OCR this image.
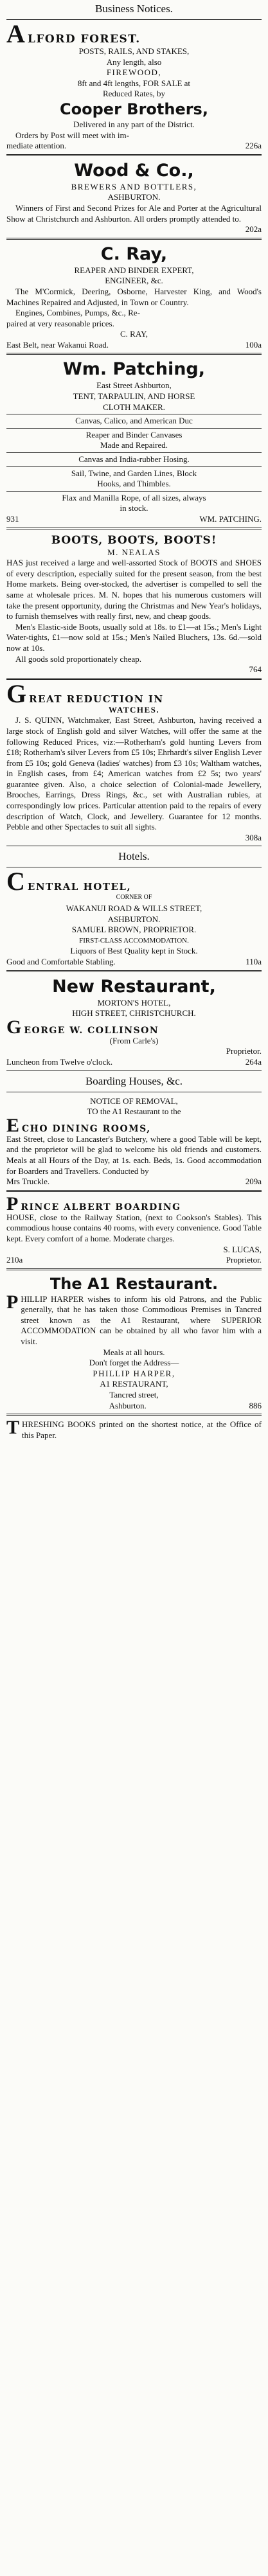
Business Notices.
A LFORD FOREST.

POSTS, RAILS, AND STAKES,

Any length, also

FIREWOOD,

8ft and 4ft lengths, FOR SALE at

Reduced Rates, by

Cooper Brothers,

Delivered in any part of the District.

Orders by Post will meet with im-

mediate attention.	226a

Wood & Co.,

BREWERS AND BOTTLERS,

ASHBURTON.

Winners of First and Second Prizes for Ale and Porter at the Agricultural Show at Christchurch and Ashburton. All orders promptly attended to.

202a

C. Ray,

REAPER AND BINDER EXPERT,

ENGINEER, &c.

The M'Cormick, Deering, Osborne, Harvester King, and Wood's Machines Repaired and Adjusted, in Town or Country.

Engines, Combines, Pumps, &c., Re-

paired at very reasonable prices.

C. RAY,

East Belt, near Wakanui Road.	100a

Wm. Patching,

East Street Ashburton,

TENT, TARPAULIN, AND HORSE

CLOTH MAKER.

Canvas, Calico, and American Duc

Reaper and Binder Canvases

Made and Repaired.

Canvas and India-rubber Hosing.

Sail, Twine, and Garden Lines, Block

Hooks, and Thimbles.

Flax and Manilla Rope, of all sizes, always

in stock.

931	WM. PATCHING.

BOOTS, BOOTS, BOOTS!

M. NEALAS

HAS just received a large and well-assorted Stock of BOOTS and SHOES of every description, especially suited for the present season, from the best Home markets. Being over-stocked, the advertiser is compelled to sell the same at wholesale prices. M. N. hopes that his numerous customers will take the present opportunity, during the Christmas and New Year's holidays, to furnish themselves with really first, new, and cheap goods.

Men's Elastic-side Boots, usually sold at 18s. to £1—at 15s.; Men's Light Water-tights, £1—now sold at 15s.; Men's Nailed Bluchers, 13s. 6d.—sold now at 10s.

All goods sold proportionately cheap.

764

G REAT REDUCTION IN

WATCHES.

J. S. QUINN, Watchmaker, East Street, Ashburton, having received a large stock of English gold and silver Watches, will offer the same at the following Reduced Prices, viz:—Rotherham's gold hunting Levers from £18; Rotherham's silver Levers from £5 10s; Ehrhardt's silver English Lever from £5 10s; gold Geneva (ladies' watches) from £3 10s; Waltham watches, in English cases, from £4; American watches from £2 5s; two years' guarantee given. Also, a choice selection of Colonial-made Jewellery, Brooches, Earrings, Dress Rings, &c., set with Australian rubies, at correspondingly low prices. Particular attention paid to the repairs of every description of Watch, Clock, and Jewellery. Guarantee for 12 months. Pebble and other Spectacles to suit all sights.

308a

Hotels.
C ENTRAL HOTEL,

CORNER OF

WAKANUI ROAD & WILLS STREET,

ASHBURTON.

SAMUEL BROWN, PROPRIETOR.

FIRST-CLASS ACCOMMODATION.

Liquors of Best Quality kept in Stock.

Good and Comfortable Stabling.	110a

New Restaurant,

MORTON'S HOTEL,

HIGH STREET, CHRISTCHURCH.

G EORGE W. COLLINSON

(From Carle's)

Proprietor.

Luncheon from Twelve o'clock.	264a

Boarding Houses, &c.

NOTICE OF REMOVAL,

TO the A1 Restaurant to the

E CHO DINING ROOMS,

East Street, close to Lancaster's Butchery, where a good Table will be kept, and the proprietor will be glad to welcome his old friends and customers. Meals at all Hours of the Day, at 1s. each. Beds, 1s. Good accommodation for Boarders and Travellers. Conducted by

Mrs Truckle.	209a

P RINCE ALBERT BOARDING

HOUSE, close to the Railway Station, (next to Cookson's Stables). This commodious house contains 40 rooms, with every convenience. Good Table kept. Every comfort of a home. Moderate charges.

S. LUCAS,

210a	Proprietor.

The A1 Restaurant.
P HILLIP HARPER wishes to inform his old Patrons, and the Public generally, that he has taken those Commodious Premises in Tancred street known as the A1 Restaurant, where SUPERIOR ACCOMMODATION can be obtained by all who favor him with a visit.

Meals at all hours.

Don't forget the Address—

PHILLIP HARPER,

A1 RESTAURANT,

Tancred street,

Ashburton.	886

T HRESHING BOOKS printed on the shortest notice, at the Office of this Paper.
